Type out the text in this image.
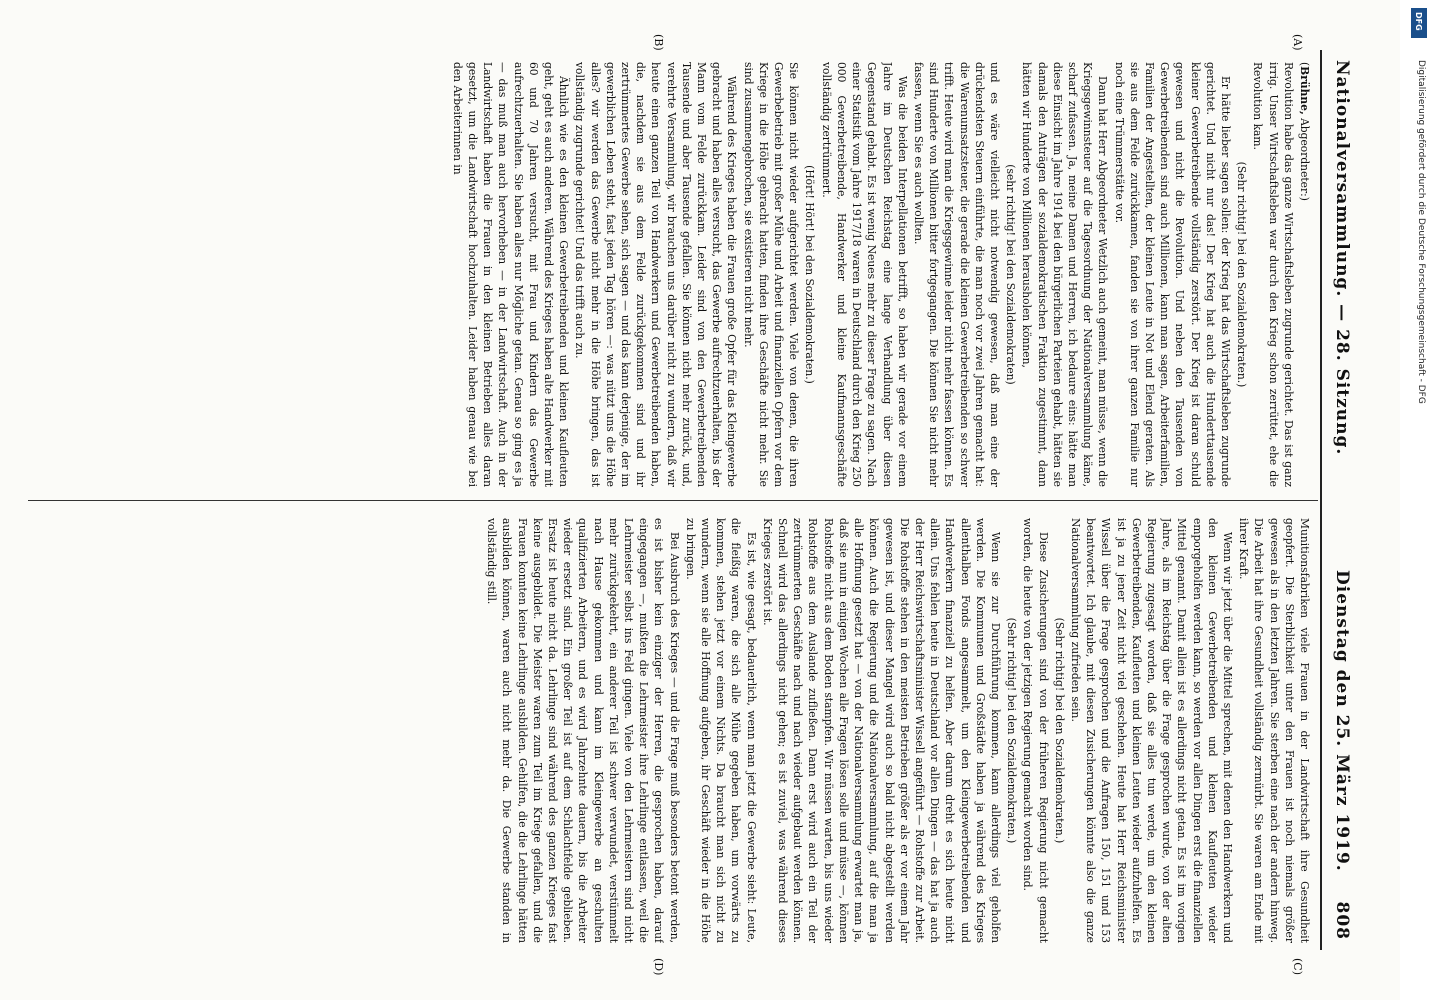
Nationalversammlung. — 28. Sitzung.
808
Dienstag den 25. März 1919.
(A)
(B)
(C)
(D)

(Brühne, Abgeordneter:)

Revolution habe das ganze Wirtschaftsleben zugrunde gerichtet. Das ist ganz irrig. Unser Wirtschaftsleben war durch den Krieg schon zerrüttet, ehe die Revolution kam.

(Sehr richtig! bei den Sozialdemokraten.)

Er hätte lieber sagen sollen: der Krieg hat das Wirtschaftsleben zugrunde gerichtet. Und nicht nur das! Der Krieg hat auch die Hunderttausende kleiner Gewerbetreibende vollständig zerstört. Der Krieg ist daran schuld gewesen und nicht die Revolution. Und neben den Tausenden von Gewerbetreibenden sind auch Millionen, kann man sagen, Arbeiterfamilien, Familien der Angestellten, der kleinen Leute in Not und Elend geraten. Als sie aus dem Felde zurückkamen, fanden sie von ihrer ganzen Familie nur noch eine Trümmerstätte vor.

Dann hat Herr Abgeordneter Wetzlich auch gemeint, man müsse, wenn die Kriegsgewinnsteuer auf die Tagesordnung der Nationalversammlung käme, scharf zufassen. Ja, meine Damen und Herren, ich bedaure eins: hätte man diese Einsicht im Jahre 1914 bei den bürgerlichen Parteien gehabt, hätten sie damals den Anträgen der sozialdemokratischen Fraktion zugestimmt, dann hätten wir Hunderte von Millionen herausholen können,

(sehr richtig! bei den Sozialdemokraten)

und es wäre vielleicht nicht notwendig gewesen, daß man eine der drückendsten Steuern einführte, die man noch vor zwei Jahren gemacht hat: die Warenumsatzsteuer, die gerade die kleinen Gewerbetreibenden so schwer trifft. Heute wird man die Kriegsgewinne leider nicht mehr fassen können. Es sind Hunderte von Millionen bitter fortgegangen. Die können Sie nicht mehr fassen, wenn Sie es auch wollten.

Was die beiden Interpellationen betrifft, so haben wir gerade vor einem Jahre im Deutschen Reichstag eine lange Verhandlung über diesen Gegenstand gehabt. Es ist wenig Neues mehr zu dieser Frage zu sagen. Nach einer Statistik vom Jahre 1917/18 waren in Deutschland durch den Krieg 250 000 Gewerbetreibende, Handwerker und kleine Kaufmannsgeschäfte vollständig zertrümmert.

(Hört! Hört! bei den Sozialdemokraten.)

Sie können nicht wieder aufgerichtet werden. Viele von denen, die ihren Gewerbebetrieb mit großer Mühe und Arbeit und finanziellen Opfern vor dem Kriege in die Höhe gebracht hatten, finden ihre Geschäfte nicht mehr. Sie sind zusammengebrochen, sie existieren nicht mehr.

Während des Krieges haben die Frauen große Opfer für das Kleingewerbe gebracht und haben alles versucht, das Gewerbe aufrechtzuerhalten, bis der Mann vom Felde zurückkam. Leider sind von den Gewerbetreibenden Tausende und aber Tausende gefallen. Sie können nicht mehr zurück, und, verehrte Versammlung, wir brauchen uns darüber nicht zu wundern, daß wir heute einen ganzen Teil von Handwerkern und Gewerbetreibenden haben, die, nachdem sie aus dem Felde zurückgekommen sind und ihr zertrümmertes Gewerbe sehen, sich sagen — und das kann derjenige, der im gewerblichen Leben steht, fast jeden Tag hören —: was nützt uns die Höhe alles? wir werden das Gewerbe nicht mehr in die Höhe bringen, das ist vollständig zugrunde gerichtet! Und das trifft auch zu.

Ähnlich wie es den kleinen Gewerbetreibenden und kleinen Kaufleuten geht, geht es auch anderen. Während des Krieges haben alte Handwerker mit 60 und 70 Jahren versucht, mit Frau und Kindern das Gewerbe aufrechtzuerhalten. Sie haben alles nur Mögliche getan. Genau so ging es ja — das muß man auch hervorheben — in der Landwirtschaft. Auch in der Landwirtschaft haben die Frauen in den kleinen Betrieben alles daran gesetzt, um die Landwirtschaft hochzuhalten. Leider haben genau wie bei den Arbeiterinnen in

Munitionsfabriken viele Frauen in der Landwirtschaft ihre Gesundheit geopfert. Die Sterblichkeit unter den Frauen ist noch niemals größer gewesen als in den letzten Jahren. Sie sterben eine nach der andern hinweg. Die Arbeit hat ihre Gesundheit vollständig zermürbt. Sie waren am Ende mit ihrer Kraft.

Wenn wir jetzt über die Mittel sprechen, mit denen den Handwerkern und den kleinen Gewerbetreibenden und kleinen Kaufleuten wieder emporgeholfen werden kann, so werden vor allen Dingen erst die finanziellen Mittel genannt. Damit allein ist es allerdings nicht getan. Es ist im vorigen Jahre, als im Reichstag über die Frage gesprochen wurde, von der alten Regierung zugesagt worden, daß sie alles tun werde, um den kleinen Gewerbetreibenden, Kaufleuten und kleinen Leuten wieder aufzuhelfen. Es ist ja zu jener Zeit nicht viel geschehen. Heute hat Herr Reichsminister Wissell über die Frage gesprochen und die Anfragen 150, 151 und 153 beantwortet. Ich glaube, mit diesen Zusicherungen könnte also die ganze Nationalversammlung zufrieden sein.

(Sehr richtig! bei den Sozialdemokraten.)

Diese Zusicherungen sind von der früheren Regierung nicht gemacht worden, die heute von der jetzigen Regierung gemacht worden sind.

(Sehr richtig! bei den Sozialdemokraten.)

Wenn sie zur Durchführung kommen, kann allerdings viel geholfen werden. Die Kommunen und Großstädte haben ja während des Krieges allenthalben Fonds angesammelt, um den Kleingewerbetreibenden und Handwerkern finanziell zu helfen. Aber darum dreht es sich heute nicht allein. Uns fehlen heute in Deutschland vor allen Dingen — das hat ja auch der Herr Reichswirtschaftsminister Wissell angeführt — Rohstoffe zur Arbeit. Die Rohstoffe stehen in den meisten Betrieben größer als er vor einem Jahr gewesen ist, und dieser Mangel wird auch so bald nicht abgestellt werden können. Auch die Regierung und die Nationalversammlung, auf die man ja alle Hoffnung gesetzt hat — von der Nationalversammlung erwartet man ja, daß sie nun in einigen Wochen alle Fragen lösen solle und müsse —, können Rohstoffe nicht aus dem Boden stampfen. Wir müssen warten, bis uns wieder Rohstoffe aus dem Auslande zufließen. Dann erst wird auch ein Teil der zertrümmerten Geschäfte nach und nach wieder aufgebaut werden können. Schnell wird das allerdings nicht gehen; es ist zuviel, was während dieses Krieges zerstört ist.

Es ist, wie gesagt, bedauerlich, wenn man jetzt die Gewerbe sieht: Leute, die fleißig waren, die sich alle Mühe gegeben haben, um vorwärts zu kommen, stehen jetzt vor einem Nichts. Da braucht man sich nicht zu wundern, wenn sie alle Hoffnung aufgeben, ihr Geschäft wieder in die Höhe zu bringen.

Bei Ausbruch des Krieges — und die Frage muß besonders betont werden, es ist bisher kein einziger der Herren, die gesprochen haben, darauf eingegangen —, mußten die Lehrmeister ihre Lehrlinge entlassen, weil die Lehrmeister selbst ins Feld gingen. Viele von den Lehrmeistern sind nicht mehr zurückgekehrt, ein anderer Teil ist schwer verwundet, verstümmelt nach Hause gekommen und kann im Kleingewerbe an geschulten qualifizierten Arbeitern, und es wird Jahrzehnte dauern, bis die Arbeiter wieder ersetzt sind. Ein großer Teil ist auf dem Schlachtfelde geblieben. Ersatz ist heute nicht da. Lehrlinge sind während des ganzen Krieges fast keine ausgebildet. Die Meister waren zum Teil im Kriege gefallen, und die Frauen konnten keine Lehrlinge ausbilden. Gehilfen, die die Lehrlinge hätten ausbilden können, waren auch nicht mehr da. Die Gewerbe standen in vollständig still.

DFG
Digitalisierung gefördert durch die Deutsche Forschungsgemeinschaft - DFG
